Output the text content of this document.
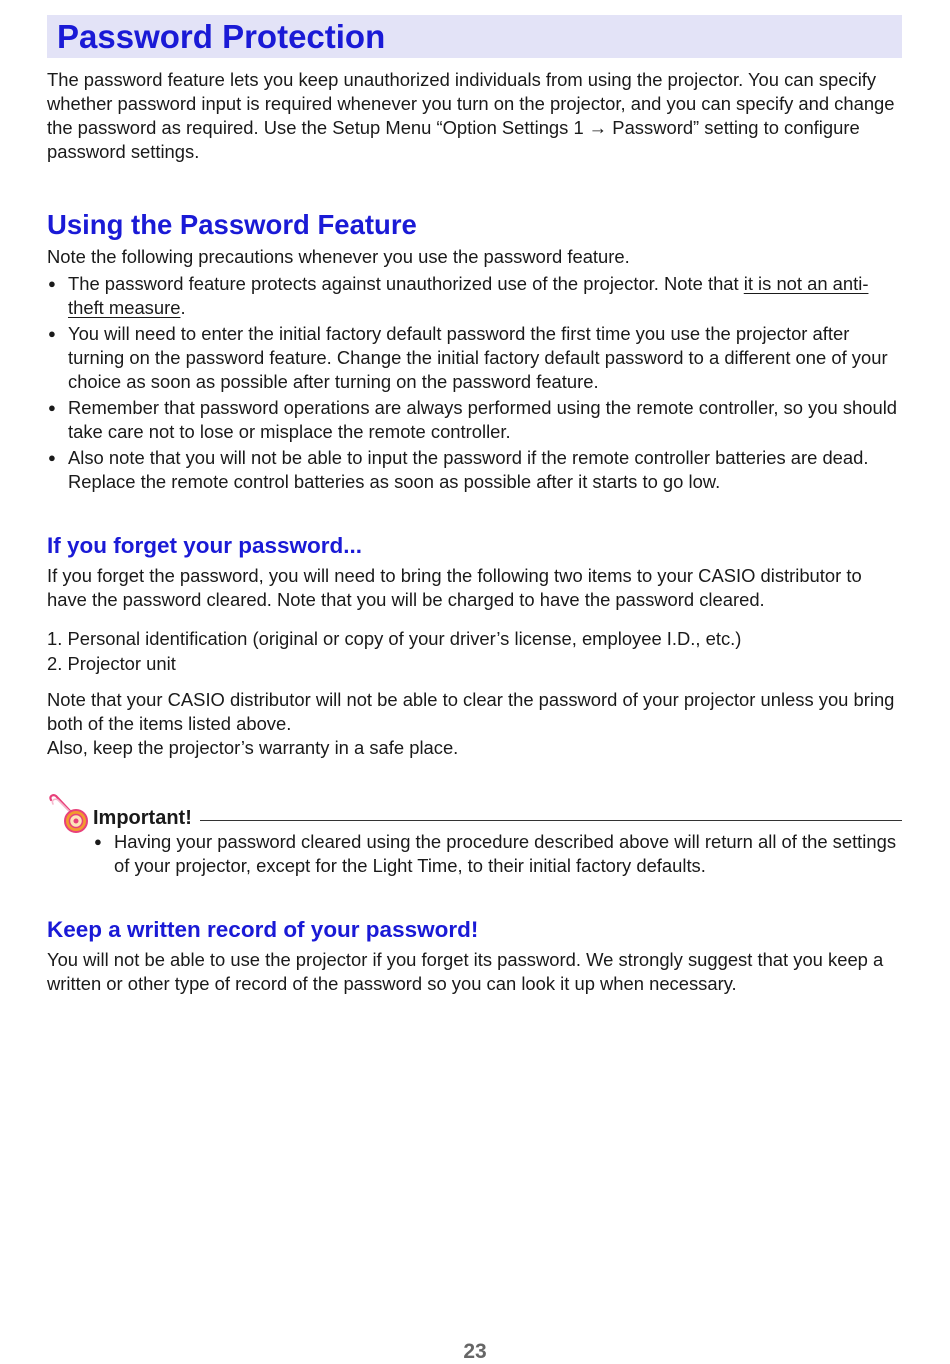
Password Protection

The password feature lets you keep unauthorized individuals from using the projector. You can specify whether password input is required whenever you turn on the projector, and you can specify and change the password as required. Use the Setup Menu “Option Settings 1 → Password” setting to configure password settings.

Using the Password Feature

Note the following precautions whenever you use the password feature.

● The password feature protects against unauthorized use of the projector. Note that it is not an anti-theft measure.
● You will need to enter the initial factory default password the first time you use the projector after turning on the password feature. Change the initial factory default password to a different one of your choice as soon as possible after turning on the password feature.
● Remember that password operations are always performed using the remote controller, so you should take care not to lose or misplace the remote controller.
● Also note that you will not be able to input the password if the remote controller batteries are dead. Replace the remote control batteries as soon as possible after it starts to go low.
If you forget your password...

If you forget the password, you will need to bring the following two items to your CASIO distributor to have the password cleared. Note that you will be charged to have the password cleared.

1. Personal identification (original or copy of your driver’s license, employee I.D., etc.)
2. Projector unit

Note that your CASIO distributor will not be able to clear the password of your projector unless you bring both of the items listed above.
Also, keep the projector’s warranty in a safe place.

Important!
● Having your password cleared using the procedure described above will return all of the settings of your projector, except for the Light Time, to their initial factory defaults.
Keep a written record of your password!

You will not be able to use the projector if you forget its password. We strongly suggest that you keep a written or other type of record of the password so you can look it up when necessary.

23
